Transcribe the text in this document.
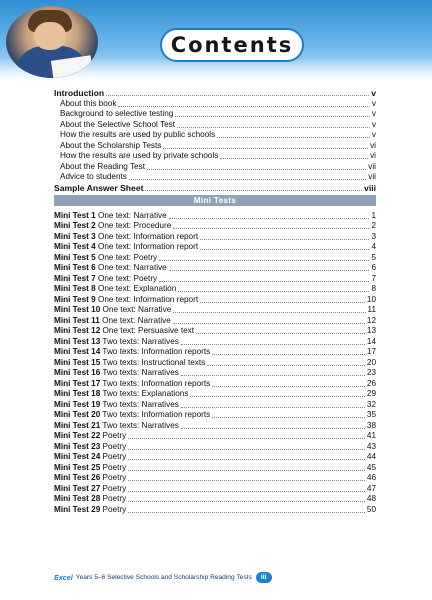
Contents
Introduction	v
About this book	v
Background to selective testing	v
About the Selective School Test	v
How the results are used by public schools	v
About the Scholarship Tests	vi
How the results are used by private schools	vi
About the Reading Test	vii
Advice to students	vii
Sample Answer Sheet	viii
Mini Tests
Mini Test 1 One text: Narrative	1
Mini Test 2 One text: Procedure	2
Mini Test 3 One text: Information report	3
Mini Test 4 One text: Information report	4
Mini Test 5 One text: Poetry	5
Mini Test 6 One text: Narrative	6
Mini Test 7 One text: Poetry	7
Mini Test 8 One text: Explanation	8
Mini Test 9 One text: Information report	10
Mini Test 10 One text: Narrative	11
Mini Test 11 One text: Narrative	12
Mini Test 12 One text: Persuasive text	13
Mini Test 13 Two texts: Narratives	14
Mini Test 14 Two texts: Information reports	17
Mini Test 15 Two texts: Instructional texts	20
Mini Test 16 Two texts: Narratives	23
Mini Test 17 Two texts: Information reports	26
Mini Test 18 Two texts: Explanations	29
Mini Test 19 Two texts: Narratives	32
Mini Test 20 Two texts: Information reports	35
Mini Test 21 Two texts: Narratives	38
Mini Test 22 Poetry	41
Mini Test 23 Poetry	43
Mini Test 24 Poetry	44
Mini Test 25 Poetry	45
Mini Test 26 Poetry	46
Mini Test 27 Poetry	47
Mini Test 28 Poetry	48
Mini Test 29 Poetry	50
Excel Years 5–6 Selective Schools and Scholarship Reading Tests	iii
